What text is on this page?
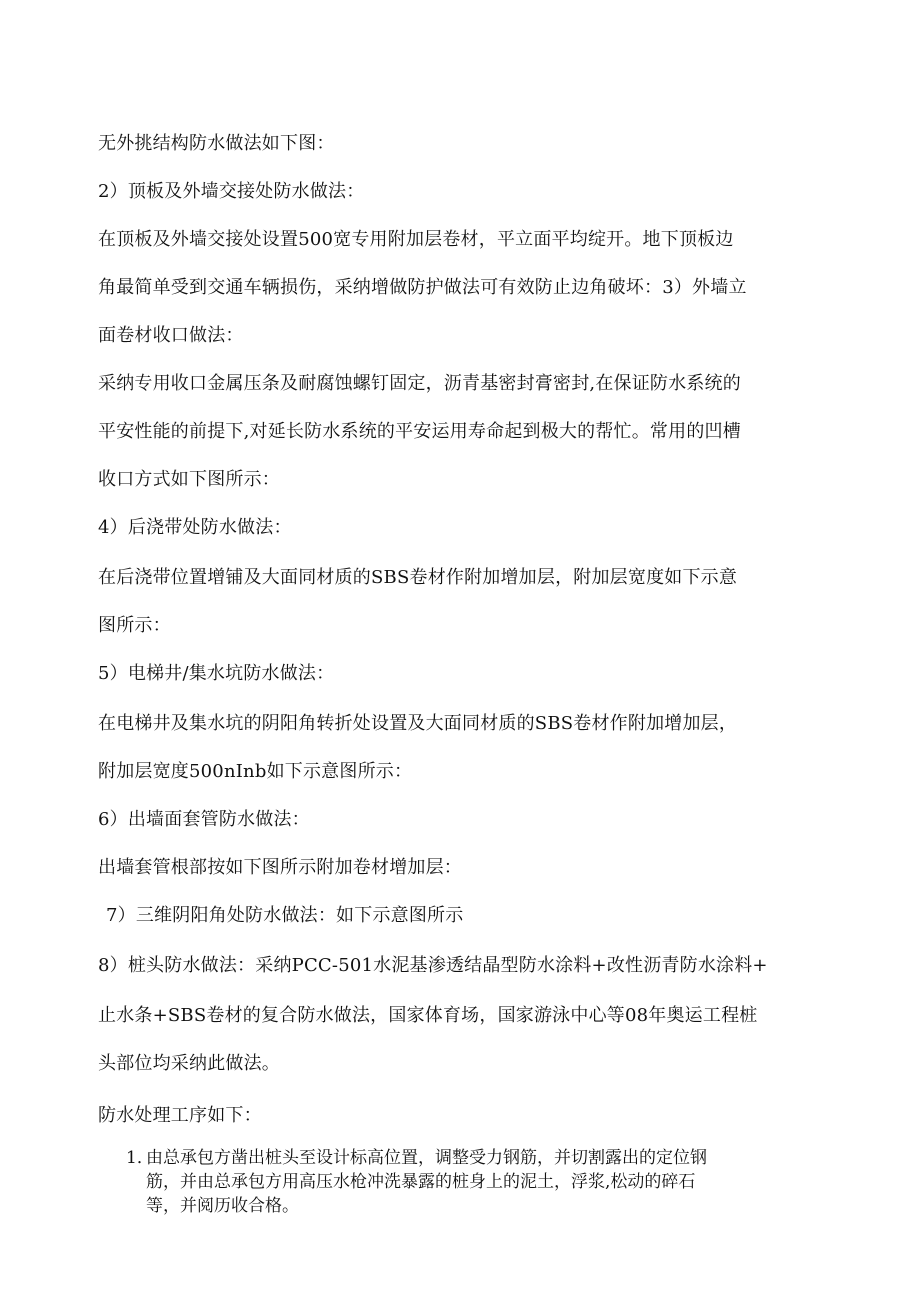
无外挑结构防水做法如下图：
2）顶板及外墙交接处防水做法：
在顶板及外墙交接处设置500宽专用附加层卷材，平立面平均绽开。地下顶板边
角最简单受到交通车辆损伤，采纳增做防护做法可有效防止边角破坏：3）外墙立
面卷材收口做法：
采纳专用收口金属压条及耐腐蚀螺钉固定，沥青基密封膏密封,在保证防水系统的
平安性能的前提下,对延长防水系统的平安运用寿命起到极大的帮忙。常用的凹槽
收口方式如下图所示：
4）后浇带处防水做法：
在后浇带位置增铺及大面同材质的SBS卷材作附加增加层，附加层宽度如下示意
图所示：
5）电梯井/集水坑防水做法：
在电梯井及集水坑的阴阳角转折处设置及大面同材质的SBS卷材作附加增加层，
附加层宽度500nInb如下示意图所示：
6）出墙面套管防水做法：
出墙套管根部按如下图所示附加卷材增加层：
7）三维阴阳角处防水做法：如下示意图所示
8）桩头防水做法：采纳PCC-501水泥基渗透结晶型防水涂料+改性沥青防水涂料+
止水条+SBS卷材的复合防水做法，国家体育场，国家游泳中心等08年奥运工程桩
头部位均采纳此做法。
防水处理工序如下：
1．
由总承包方凿出桩头至设计标高位置，调整受力钢筋，并切割露出的定位钢
筋，并由总承包方用高压水枪冲洗暴露的桩身上的泥土，浮浆,松动的碎石
等，并阅历收合格。
